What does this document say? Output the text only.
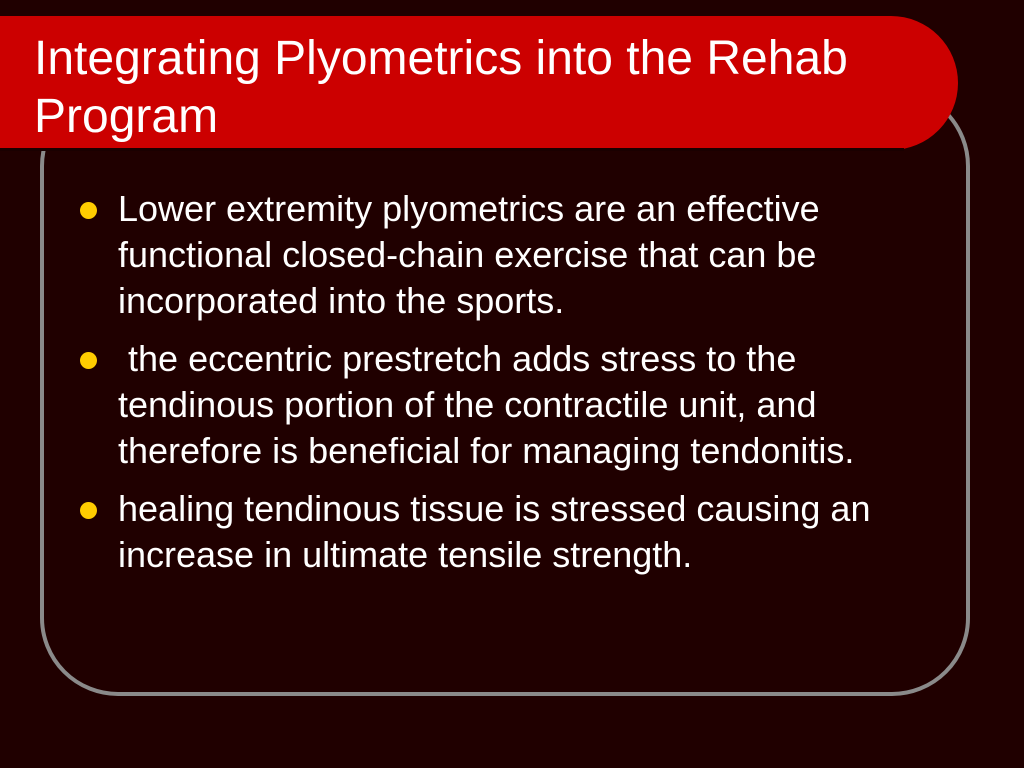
Integrating Plyometrics into the Rehab Program
Lower extremity plyometrics are an effective functional closed-chain exercise that can be incorporated into the sports.
the eccentric prestretch adds stress to the tendinous portion of the contractile unit, and therefore is beneficial for managing tendonitis.
healing tendinous tissue is stressed causing an increase in ultimate tensile strength.
